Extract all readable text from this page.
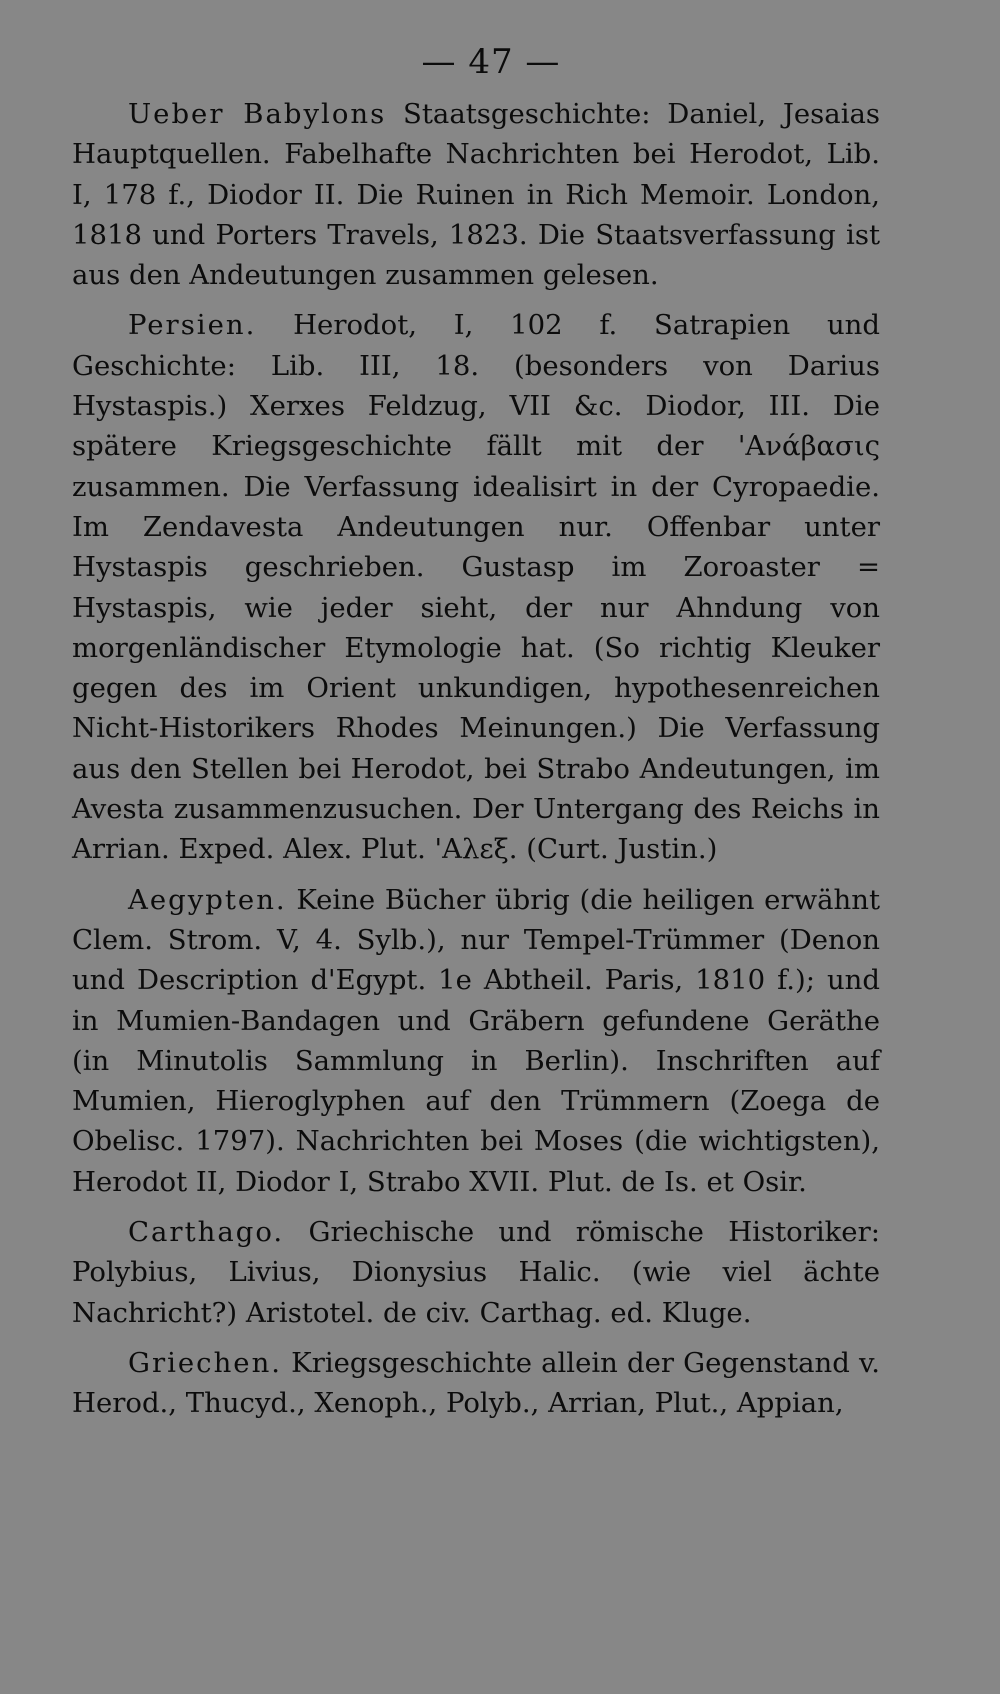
— 47 —

Ueber Babylons Staatsgeschichte: Daniel, Jesaias Hauptquellen. Fabelhafte Nachrichten bei Herodot, Lib. I, 178 f., Diodor II. Die Ruinen in Rich Memoir. London, 1818 und Porters Travels, 1823. Die Staatsverfassung ist aus den Andeutungen zusammen gelesen.

Persien. Herodot, I, 102 f. Satrapien und Geschichte: Lib. III, 18. (besonders von Darius Hystaspis.) Xerxes Feldzug, VII &c. Diodor, III. Die spätere Kriegsgeschichte fällt mit der 'Ανάβασις zusammen. Die Verfassung idealisirt in der Cyropaedie. Im Zendavesta Andeutungen nur. Offenbar unter Hystaspis geschrieben. Gustasp im Zoroaster = Hystaspis, wie jeder sieht, der nur Ahndung von morgenländischer Etymologie hat. (So richtig Kleuker gegen des im Orient unkundigen, hypothesenreichen Nicht-Historikers Rhodes Meinungen.) Die Verfassung aus den Stellen bei Herodot, bei Strabo Andeutungen, im Avesta zusammenzusuchen. Der Untergang des Reichs in Arrian. Exped. Alex. Plut. 'Αλεξ. (Curt. Justin.)

Aegypten. Keine Bücher übrig (die heiligen erwähnt Clem. Strom. V, 4. Sylb.), nur Tempel-Trümmer (Denon und Description d'Egypt. 1e Abtheil. Paris, 1810 f.); und in Mumien-Bandagen und Gräbern gefundene Geräthe (in Minutolis Sammlung in Berlin). Inschriften auf Mumien, Hieroglyphen auf den Trümmern (Zoega de Obelisc. 1797). Nachrichten bei Moses (die wichtigsten), Herodot II, Diodor I, Strabo XVII. Plut. de Is. et Osir.

Carthago. Griechische und römische Historiker: Polybius, Livius, Dionysius Halic. (wie viel ächte Nachricht?) Aristotel. de civ. Carthag. ed. Kluge.

Griechen. Kriegsgeschichte allein der Gegenstand v. Herod., Thucyd., Xenoph., Polyb., Arrian, Plut., Appian,
